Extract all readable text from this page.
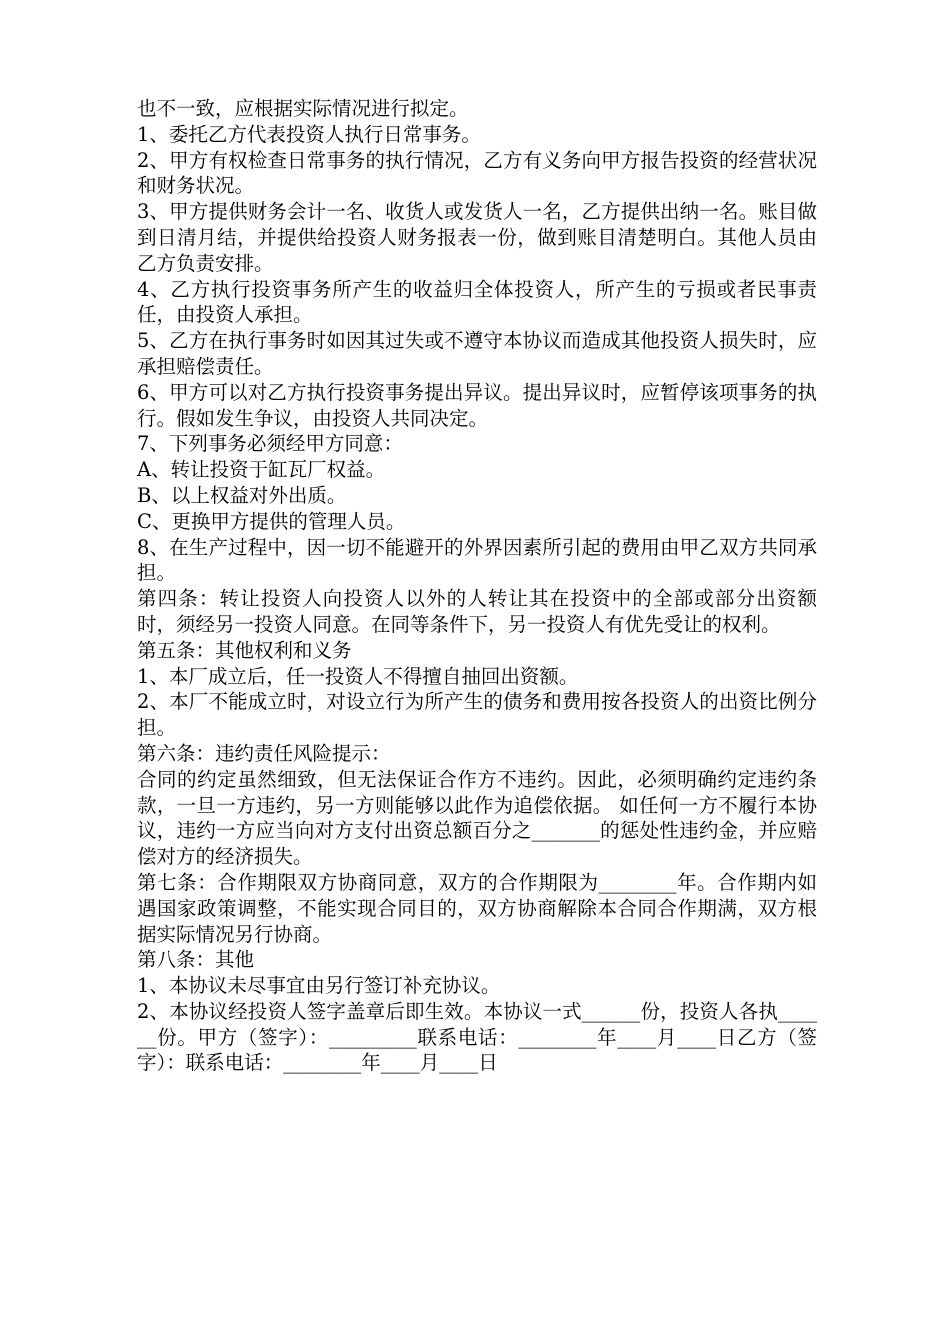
也不一致，应根据实际情况进行拟定。

1、委托乙方代表投资人执行日常事务。

2、甲方有权检查日常事务的执行情况，乙方有义务向甲方报告投资的经营状况和财务状况。

3、甲方提供财务会计一名、收货人或发货人一名，乙方提供出纳一名。账目做到日清月结，并提供给投资人财务报表一份，做到账目清楚明白。其他人员由乙方负责安排。

4、乙方执行投资事务所产生的收益归全体投资人，所产生的亏损或者民事责任，由投资人承担。

5、乙方在执行事务时如因其过失或不遵守本协议而造成其他投资人损失时，应承担赔偿责任。

6、甲方可以对乙方执行投资事务提出异议。提出异议时，应暂停该项事务的执行。假如发生争议，由投资人共同决定。

7、下列事务必须经甲方同意：

A、转让投资于缸瓦厂权益。

B、以上权益对外出质。

C、更换甲方提供的管理人员。

8、在生产过程中，因一切不能避开的外界因素所引起的费用由甲乙双方共同承担。

第四条：转让投资人向投资人以外的人转让其在投资中的全部或部分出资额时，须经另一投资人同意。在同等条件下，另一投资人有优先受让的权利。

第五条：其他权利和义务

1、本厂成立后，任一投资人不得擅自抽回出资额。

2、本厂不能成立时，对设立行为所产生的债务和费用按各投资人的出资比例分担。

第六条：违约责任风险提示：

合同的约定虽然细致，但无法保证合作方不违约。因此，必须明确约定违约条款，一旦一方违约，另一方则能够以此作为追偿依据。 如任何一方不履行本协议，违约一方应当向对方支付出资总额百分之_______的惩处性违约金，并应赔偿对方的经济损失。

第七条：合作期限双方协商同意，双方的合作期限为________年。合作期内如遇国家政策调整，不能实现合同目的，双方协商解除本合同合作期满，双方根据实际情况另行协商。

第八条：其他

1、本协议未尽事宜由另行签订补充协议。

2、本协议经投资人签字盖章后即生效。本协议一式______份，投资人各执______份。甲方（签字）：_________联系电话：________年____月____日乙方（签字）：联系电话：________年____月____日
